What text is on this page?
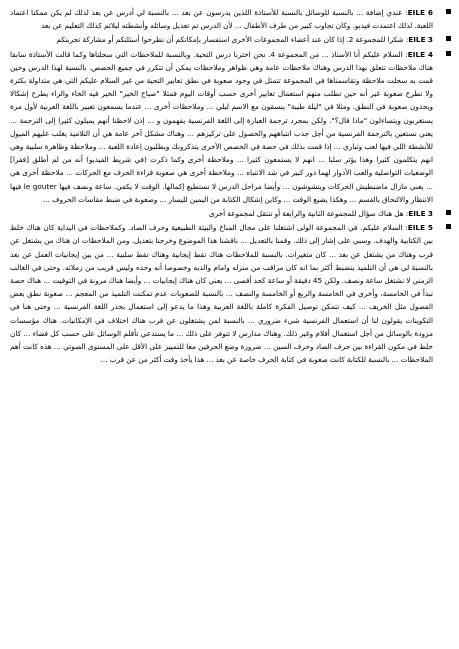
EILE 6: عندي إضافة ... بالنسبة للوسائل بالنسبة للأستاذة اللذين يدرسون عن بعد ... بالنسبة لي أدرس عن بعد لذلك لم يكن ممكنا اعتماد اللعبة. لذلك اعتمدت فيديو. وكان تجاوب كبير من طرف الأطفال ... لأن الدرس تم تعديل وسائله وأنشطته ليلائم كذلك التعليم عن بعد

EILE 3: شكرا للمجموعة 2. إذا كان عند أعضاء المجموعات الأخرى استفسار بإمكانكم أن تطرحوا أسئلتكم أو مشاركة تجربتكم

EILE 4: السلام عليكم أنا الأستاذ ... من المجموعة 4. نحن اخترنا درس التحية. وبالنسبة للملاحظات التي سجلناها وكما قالت الأستاذة سابقا هناك ملاحظات تتعلق بهذا الدرس وهناك ملاحظات عامة وهي ظواهر وملاحظات يمكن أن تتكرر في جميع الحصص. بالنسبة لهذا الدرس وحين قمت به سجلت ملاحظة وتقاسمناها في المجموعة تتمثل في وجود صعوبة في نطق تعابير التحية من غير السلام عليكم التي هي متداولة بكثرة ولا تطرح صعوبة غير أنه حين تطلب منهم استعمال تعابير أخرى حسب أوقات اليوم فمثلا "صباح الخير" الخير فيه الخاء والراء يطرح إشكالا ويجدون صعوبة في النطق. ومثلا في "ليلة طيبة" ينسقون مع الاسم ليلي ... وملاحظات أخرى ... عندما يسمعون تعبير باللغة العربية لأول مرة يستغربون ويتساءلون "ماذا قال؟". ولكن بمجرد ترجمة العبارة إلى اللغة الفرنسية يفهمون و ... إذن لاحظنا أنهم يميلون كثيرا إلى الترجمة ... يعني نستعين بالترجمة الفرنسية من أجل جذب انتباههم والحصول على تركيزهم ... وهناك مشكل آخر عامة هي أن التلاميذ يغلب عليهم الميول للأنشطة اللي فيها لعب وتباري ... إذا قمت بذلك في حصة في الحصص الأخرى يتذكرونك ويطلبون إعادة اللعبة ... وملاحظة وظاهرة سلبية وهي انهم يتكلمون كثيرا وهذا يؤثر سلبا ... انهم لا يستمعون كثيرا ... وملاحظة أخرى وكما ذكرت (في شريط الفيديو) أنه من لم أطلق [فقرا] الوضعيات التواصلية والعب الأدوار لهما دور كبير في شد الانتباه ... وملاحظة أخرى هي صعوبة قراءة الحرف مع الحركات ... ملاحظة أخرى هي ... يعني مازال ماضبطيش الحركات ويتشوشون ... وأيضا مراحل الدرس لا نستطيع إكمالها. الوقت لا يكفي. ساعة ونصف فيها le gouter فيها الانتظار والالتحاق بالقسم ... وهكذا يضيع الوقت ... وكاين إشكال الكتابة من اليمين لليسار ... وصعوبة في ضبط مقاسات الحروف ...

EILE 3: هل هناك سؤال للمجموعة الثانية والرابعة أو تنتقل لمجموعة أخرى

EILE 5: السلام عليكم. في المجموعة الولى اشتغلنا على مجال المناخ والبيئة الطبيعية وحرف الصاد. وكملاحظات في البداية كان هناك خلط بين الكتابية والهدف. وسبي على إشار إلى ذلك. وقمنا بالتعديل ... ناقشنا هذا الموضوع وخرجنا بتعديل. ومن الملاحظات ان هناك من يشتغل عن قرب وهناك من يشتغل عن بعد ... كان متغيرات. بالنسبة للملاحظات هناك نقط إيجابية وهناك نقط سلبية ... من بين إيجابيات العمل عن بعد بالنسبة لي هي أن التلميذ ينضبط أكثر بما انه كان مراقب من منزله وامام والديه وخصوصا أنه وحده وليس قريب من زملائه. وحتى في الغالب الزمني لا نشتغل ساعة ونصف. ولكن 45 دقيقة أو ساعة كحد أقصى ... يعني كان هناك إيجابيات ... وأيضا هناك مرونة في التوقيت ... هناك حصة تبدأ في الخامسة، وأخرى في الخامسة والربع أو الخامسة والنصف ... بالنسبة للصعوبات عدم تمكنت التلميذ من المعجم ... صعوبة نطق بعض الفصول مثل الخريف ... كيف نتمكن توصيل الفكرة كاملة باللغة العربية وهذا ما يدعو إلى استعمال بحذر اللغة الفرنسية ... وحتى هنا في التكوينات يقولون لنا أن استعمال الفرنسية شيء ضروري ... بالنسبة لمن يشتغلون عن قرب هناك اختلاف في الإمكانيات. هناك مؤسسات مزودة بالوسائل من أجل استعمال أفلام وغير ذلك. وهناك مدارس لا تتوفر على ذلك ... ما يستدعي تأقلم الوسائل على حسب كل فضاء ... كان خلط في مكون القراءة بين حرف الصاد وحرف السين ... ضرورة وضع الحرفين معا للتمييز على الأقل على المستوى الصوتي ... هذه كانت أهم الملاحظات ... بالنسبة للكتابة كانت صعوبة في كتابة الحرف خاصة عن بعد ... هذا يأخذ وقت أكثر من عن قرب ...
